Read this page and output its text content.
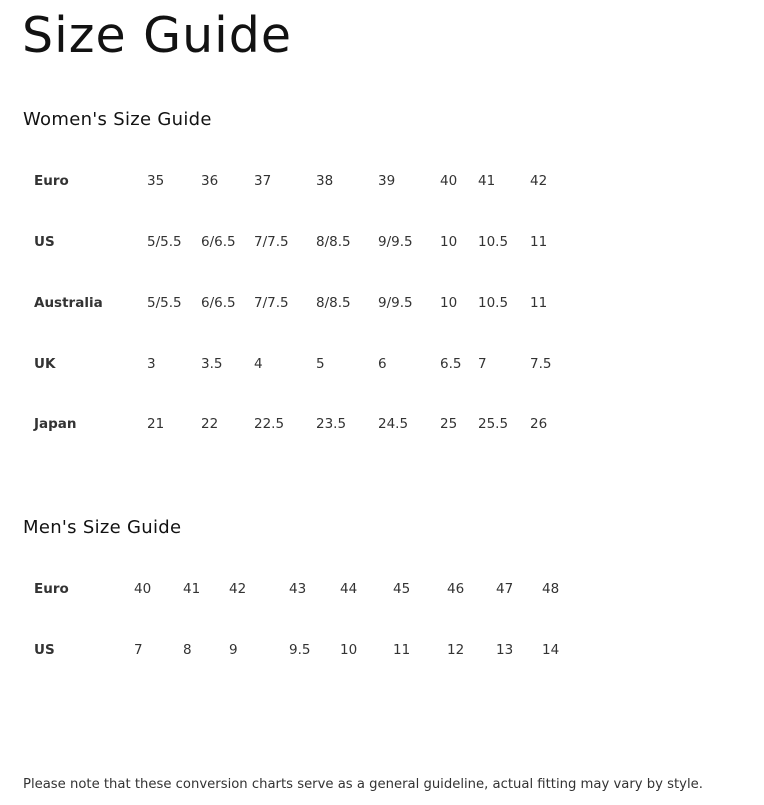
Size Guide
Women's Size Guide
Euro	35	36	37	38	39	40 41	42
US	5/5.5 6/6.5 7/7.5 8/8.5 9/9.5 10 10.5 11
Australia	5/5.5 6/6.5 7/7.5 8/8.5 9/9.5 10 10.5 11
UK	3	3.5 4	5	6	6.5 7	7.5
Japan	21	22	22.5 23.5 24.5 25 25.5 26
Men's Size Guide
Euro	40 41 42	43	44	45	46 47 48
US	7	8	9	9.5 10	11	12 13 14

Please note that these conversion charts serve as a general guideline, actual fitting may vary by style.
